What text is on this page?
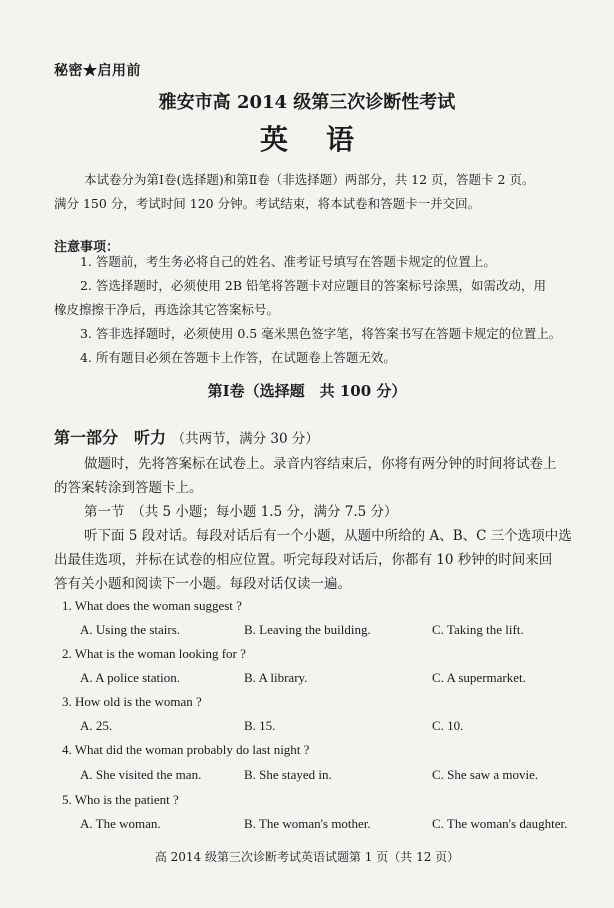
秘密★启用前
雅安市高 2014 级第三次诊断性考试
英语
本试卷分为第Ⅰ卷(选择题)和第Ⅱ卷（非选择题）两部分，共 12 页，答题卡 2 页。
满分 150 分，考试时间 120 分钟。考试结束，将本试卷和答题卡一并交回。
注意事项：
1. 答题前，考生务必将自己的姓名、准考证号填写在答题卡规定的位置上。
2. 答选择题时，必须使用 2B 铅笔将答题卡对应题目的答案标号涂黑，如需改动，用
橡皮擦擦干净后，再选涂其它答案标号。
3. 答非选择题时，必须使用 0.5 毫米黑色签字笔，将答案书写在答题卡规定的位置上。
4. 所有题目必须在答题卡上作答，在试题卷上答题无效。
第Ⅰ卷（选择题　共 100 分）
第一部分　听力 （共两节，满分 30 分）
做题时，先将答案标在试卷上。录音内容结束后，你将有两分钟的时间将试卷上
的答案转涂到答题卡上。
第一节　（共 5 小题；每小题 1.5 分，满分 7.5 分）
听下面 5 段对话。每段对话后有一个小题，从题中所给的 A、B、C 三个选项中选
出最佳选项，并标在试卷的相应位置。听完每段对话后，你都有 10 秒钟的时间来回
答有关小题和阅读下一小题。每段对话仅读一遍。
1. What does the woman suggest ?
A. Using the stairs.	B. Leaving the building.	C. Taking the lift.
2. What is the woman looking for ?
A. A police station.	B. A library.	C. A supermarket.
3. How old is the woman ?
A. 25.	B. 15.	C. 10.
4. What did the woman probably do last night ?
A. She visited the man.	B. She stayed in.	C. She saw a movie.
5. Who is the patient ?
A. The woman.	B. The woman's mother.	C. The woman's daughter.
高 2014 级第三次诊断考试英语试题第 1 页（共 12 页）
